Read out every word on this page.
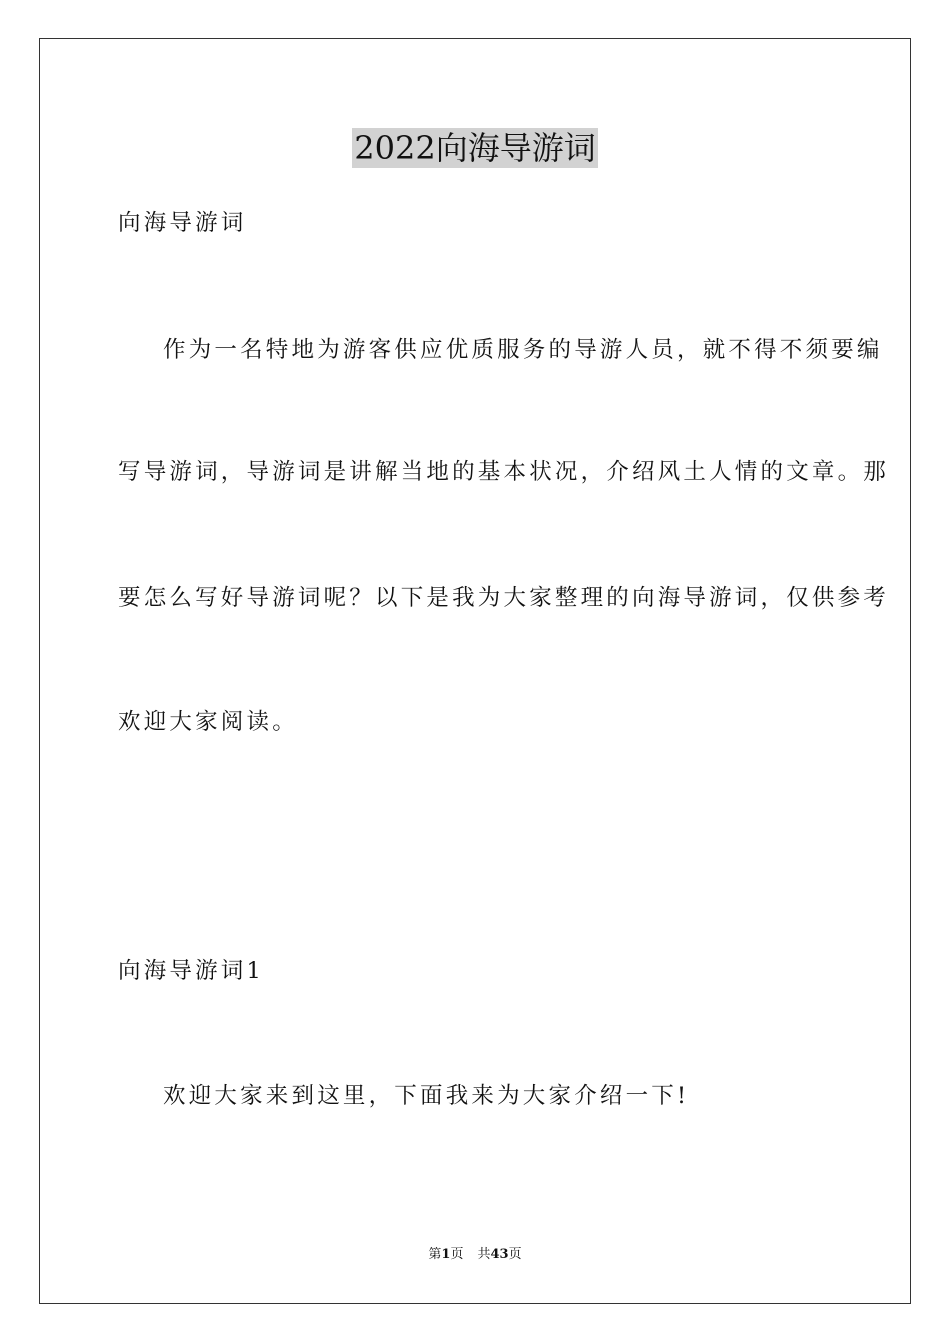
2022向海导游词
向海导游词
作为一名特地为游客供应优质服务的导游人员，就不得不须要编
写导游词，导游词是讲解当地的基本状况，介绍风土人情的文章。那
要怎么写好导游词呢？以下是我为大家整理的向海导游词，仅供参考
欢迎大家阅读。
向海导游词1
欢迎大家来到这里，下面我来为大家介绍一下!
第1页 共43页
